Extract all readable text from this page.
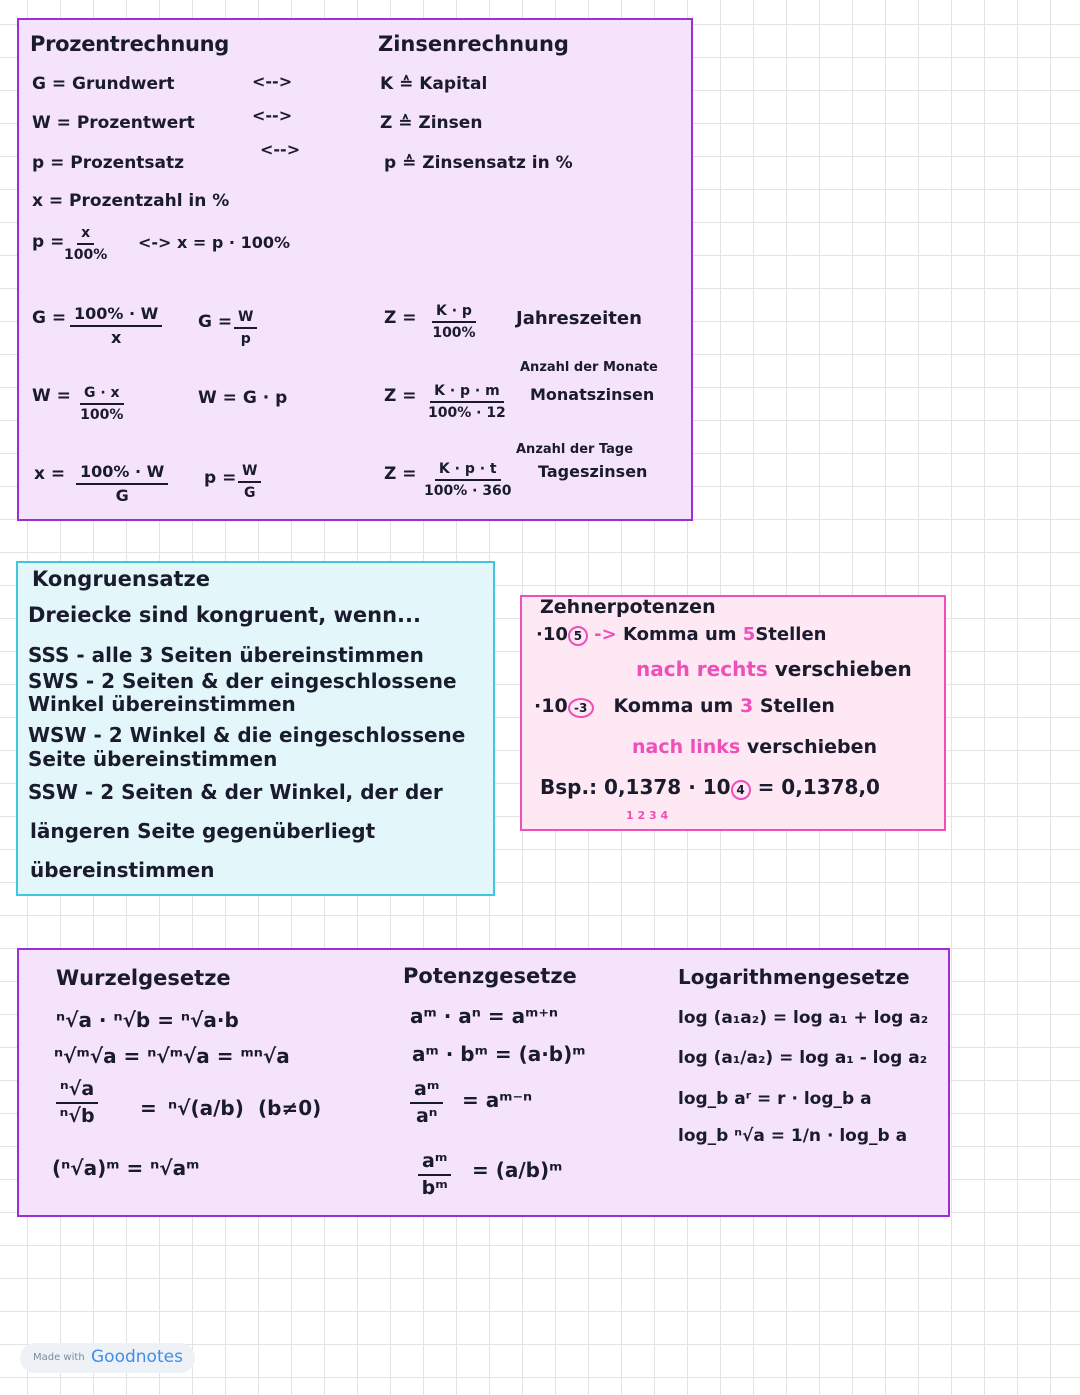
Prozentrechnung
G = Grundwert
W = Prozentwert
p = Prozentsatz
x = Prozentzahl in %
<-->
<-->
<-->
Zinsenrechnung
K ≙ Kapital
Z ≙ Zinsen
p ≙ Zinsensatz in %
$p = \frac{x}{100\%}$ <-> x = p · 100%
$G = \frac{100\% \cdot W}{x}$ $G = \frac{W}{p}$
$W = \frac{G \cdot x}{100\%}$	W = G · p
$x = \frac{100\% \cdot W}{G}$ $p = \frac{W}{G}$
$Z = \frac{K \cdot p}{100\%}$ Jahreszeiten
Anzahl der Monate
$Z = \frac{K \cdot p \cdot m}{100\% \cdot 12}$ Monatszinsen
Anzahl der Tage
$Z = \frac{K \cdot p \cdot t}{100\% \cdot 360}$ Tageszinsen
Kongruensatze
Dreiecke sind kongruent, wenn...
SSS - alle 3 Seiten übereinstimmen
SWS - 2 Seiten & der eingeschlossene
Winkel übereinstimmen
WSW - 2 Winkel & die eingeschlossene
Seite übereinstimmen
SSW - 2 Seiten & der Winkel, der der
längeren Seite gegenüberliegt
übereinstimmen
Zehnerpotenzen
·10 5 -> Komma um 5Stellen
nach rechts verschieben
·10 -3 Komma um 3 Stellen
nach links verschieben
Bsp.: 0,1378 · 10 4 = 0,1378,0
1 2 3 4
Wurzelgesetze
ⁿ√a · ⁿ√b = ⁿ√a·b
ⁿ√ᵐ√a = ⁿ√ᵐ√a = ᵐⁿ√a
$\frac{\text{ⁿ√a}}{\text{ⁿ√b}} = ^n√(a/b)$ (b≠0)
(ⁿ√a)ᵐ = ⁿ√aᵐ
Potenzgesetze
aᵐ · aⁿ = aᵐ⁺ⁿ
aᵐ · bᵐ = (a·b)ᵐ
$\frac{\text{aᵐ}}{\text{aⁿ}}$ = aᵐ⁻ⁿ
$\frac{\text{aᵐ}}{\text{bᵐ}}$ = (a/b)ᵐ
Logarithmengesetze
log (a₁a₂) = log a₁ + log a₂
log (a₁/a₂) = log a₁ - log a₂
log_b aʳ = r · log_b a
log_b ⁿ√a = 1/n · log_b a
Made with Goodnotes
